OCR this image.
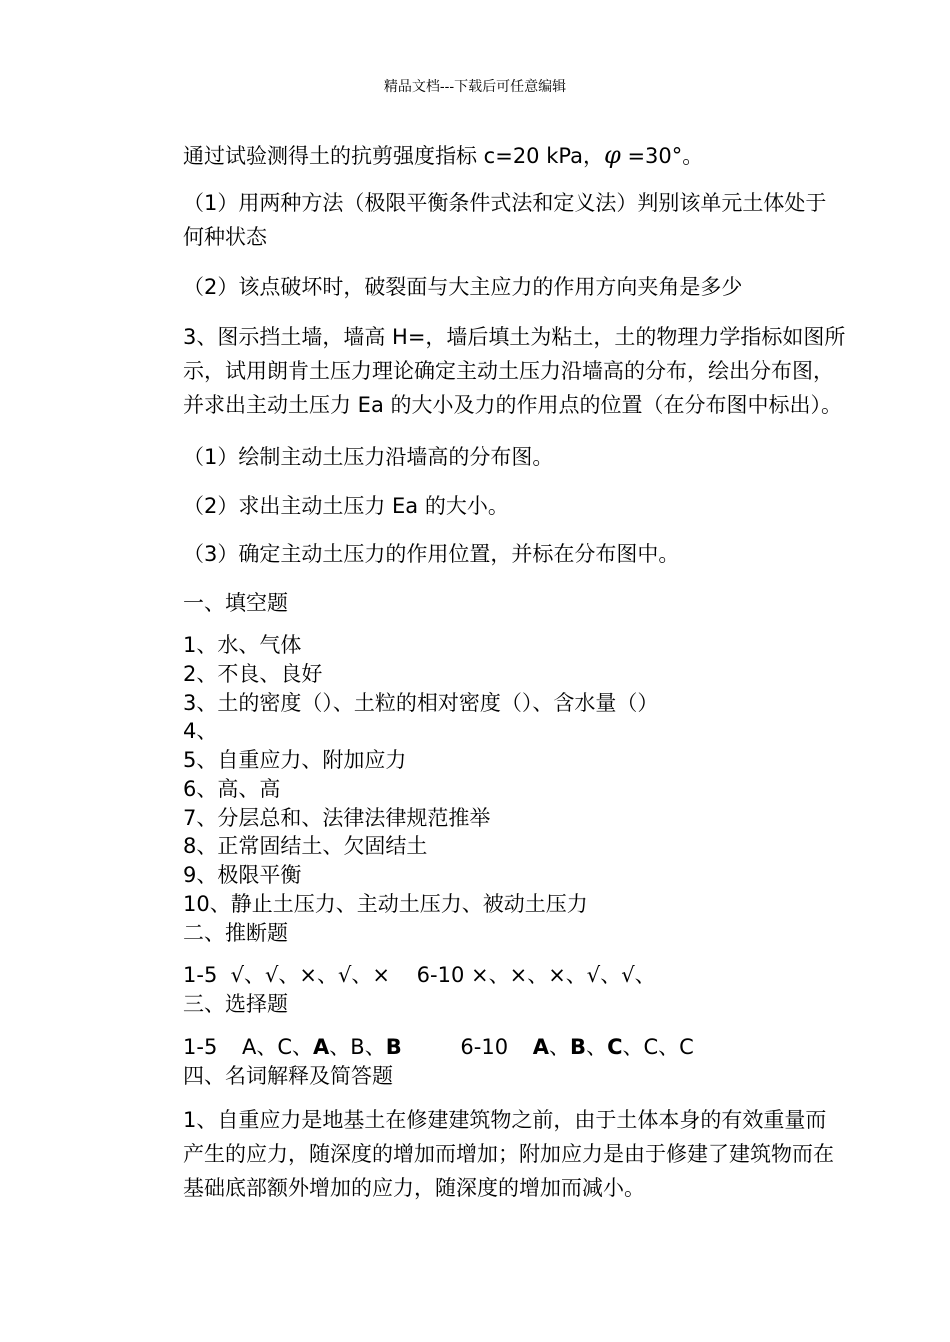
精品文档---下载后可任意编辑
通过试验测得土的抗剪强度指标 c=20 kPa，φ =30°。
（1）用两种方法（极限平衡条件式法和定义法）判别该单元土体处于
何种状态
（2）该点破坏时，破裂面与大主应力的作用方向夹角是多少
3、图示挡土墙，墙高 H=，墙后填土为粘土，土的物理力学指标如图所
示，试用朗肯土压力理论确定主动土压力沿墙高的分布，绘出分布图，
并求出主动土压力 Ea 的大小及力的作用点的位置（在分布图中标出）。
（1）绘制主动土压力沿墙高的分布图。
（2）求出主动土压力 Ea 的大小。
（3）确定主动土压力的作用位置，并标在分布图中。
一、填空题
1、水、气体
2、不良、良好
3、土的密度（）、土粒的相对密度（）、含水量（）
4、
5、自重应力、附加应力
6、高、高
7、分层总和、法律法律规范推举
8、正常固结土、欠固结土
9、极限平衡
10、静止土压力、主动土压力、被动土压力
二、推断题
1-5  √、√、×、√、×    6-10 ×、×、×、√、√、
三、选择题
1-5 A、C、A、B、B	6-10 A、B、C、C、C
四、名词解释及简答题
1、自重应力是地基土在修建建筑物之前，由于土体本身的有效重量而
产生的应力，随深度的增加而增加；附加应力是由于修建了建筑物而在
基础底部额外增加的应力，随深度的增加而减小。
